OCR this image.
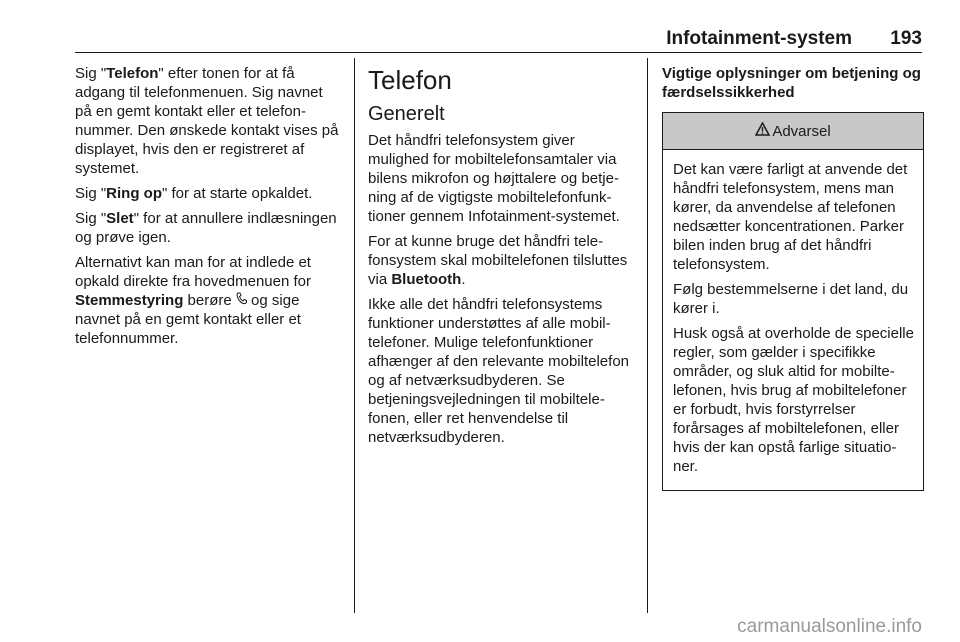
Infotainment-system 193

Sig "Telefon" efter tonen for at få adgang til telefonmenuen. Sig navnet på en gemt kontakt eller et telefonnummer. Den ønskede kontakt vises på displayet, hvis den er registreret af systemet.

Sig "Ring op" for at starte opkaldet.

Sig "Slet" for at annullere indlæsningen og prøve igen.

Alternativt kan man for at indlede et opkald direkte fra hovedmenuen for Stemmestyring berøre  og sige navnet på en gemt kontakt eller et telefonnummer.

Telefon
Generelt

Det håndfri telefonsystem giver mulighed for mobiltelefonsamtaler via bilens mikrofon og højttalere og betjening af de vigtigste mobiltelefonfunktioner gennem Infotainment-systemet.

For at kunne bruge det håndfri telefonsystem skal mobiltelefonen tilsluttes via Bluetooth.

Ikke alle det håndfri telefonsystems funktioner understøttes af alle mobiltelefoner. Mulige telefonfunktioner afhænger af den relevante mobiltelefon og af netværksudbyderen. Se betjeningsvejledningen til mobiltelefonen, eller ret henvendelse til netværksudbyderen.

Vigtige oplysninger om betjening og færdselssikkerhed
Advarsel

Det kan være farligt at anvende det håndfri telefonsystem, mens man kører, da anvendelse af telefonen nedsætter koncentrationen. Parker bilen inden brug af det håndfri telefonsystem.

Følg bestemmelserne i det land, du kører i.

Husk også at overholde de specielle regler, som gælder i specifikke områder, og sluk altid for mobiltelefonen, hvis brug af mobiltelefoner er forbudt, hvis forstyrrelser forårsages af mobiltelefonen, eller hvis der kan opstå farlige situationer.

carmanualsonline.info
